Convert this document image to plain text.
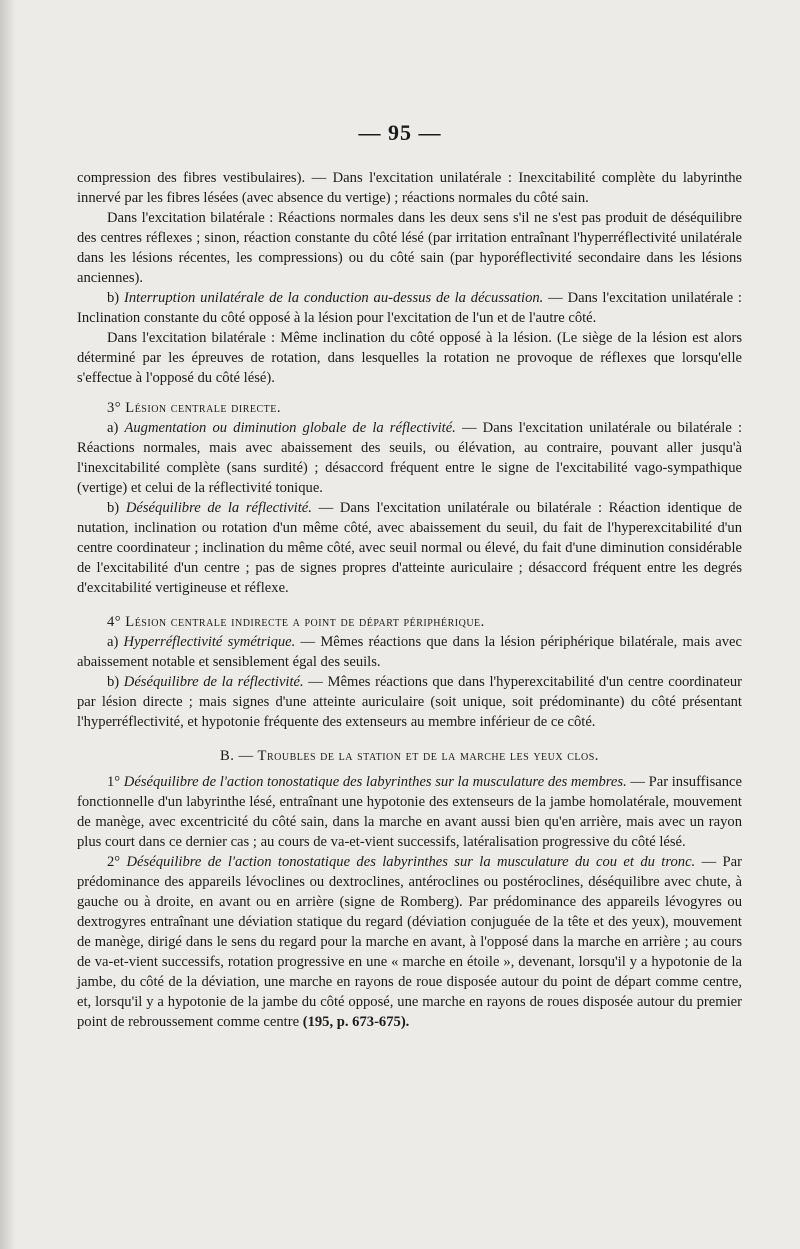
— 95 —

compression des fibres vestibulaires). — Dans l'excitation unilatérale : Inexcitabilité complète du labyrinthe innervé par les fibres lésées (avec absence du vertige) ; réactions normales du côté sain.

Dans l'excitation bilatérale : Réactions normales dans les deux sens s'il ne s'est pas produit de déséquilibre des centres réflexes ; sinon, réaction constante du côté lésé (par irritation entraînant l'hyperréflectivité unilatérale dans les lésions récentes, les compressions) ou du côté sain (par hyporéflectivité secondaire dans les lésions anciennes).

b) Interruption unilatérale de la conduction au-dessus de la décussation. — Dans l'excitation unilatérale : Inclination constante du côté opposé à la lésion pour l'excitation de l'un et de l'autre côté.

Dans l'excitation bilatérale : Même inclination du côté opposé à la lésion. (Le siège de la lésion est alors déterminé par les épreuves de rotation, dans lesquelles la rotation ne provoque de réflexes que lorsqu'elle s'effectue à l'opposé du côté lésé).

3° Lésion centrale directe.

a) Augmentation ou diminution globale de la réflectivité. — Dans l'excitation unilatérale ou bilatérale : Réactions normales, mais avec abaissement des seuils, ou élévation, au contraire, pouvant aller jusqu'à l'inexcitabilité complète (sans surdité) ; désaccord fréquent entre le signe de l'excitabilité vago-sympathique (vertige) et celui de la réflectivité tonique.

b) Déséquilibre de la réflectivité. — Dans l'excitation unilatérale ou bilatérale : Réaction identique de nutation, inclination ou rotation d'un même côté, avec abaissement du seuil, du fait de l'hyperexcitabilité d'un centre coordinateur ; inclination du même côté, avec seuil normal ou élevé, du fait d'une diminution considérable de l'excitabilité d'un centre ; pas de signes propres d'atteinte auriculaire ; désaccord fréquent entre les degrés d'excitabilité vertigineuse et réflexe.

4° Lésion centrale indirecte a point de départ périphérique.

a) Hyperréflectivité symétrique. — Mêmes réactions que dans la lésion périphérique bilatérale, mais avec abaissement notable et sensiblement égal des seuils.

b) Déséquilibre de la réflectivité. — Mêmes réactions que dans l'hyperexcitabilité d'un centre coordinateur par lésion directe ; mais signes d'une atteinte auriculaire (soit unique, soit prédominante) du côté présentant l'hyperréflectivité, et hypotonie fréquente des extenseurs au membre inférieur de ce côté.

B. — Troubles de la station et de la marche les yeux clos.

1° Déséquilibre de l'action tonostatique des labyrinthes sur la musculature des membres. — Par insuffisance fonctionnelle d'un labyrinthe lésé, entraînant une hypotonie des extenseurs de la jambe homolatérale, mouvement de manège, avec excentricité du côté sain, dans la marche en avant aussi bien qu'en arrière, mais avec un rayon plus court dans ce dernier cas ; au cours de va-et-vient successifs, latéralisation progressive du côté lésé.

2° Déséquilibre de l'action tonostatique des labyrinthes sur la musculature du cou et du tronc. — Par prédominance des appareils lévoclines ou dextroclines, antéroclines ou postéroclines, déséquilibre avec chute, à gauche ou à droite, en avant ou en arrière (signe de Romberg). Par prédominance des appareils lévogyres ou dextrogyres entraînant une déviation statique du regard (déviation conjuguée de la tête et des yeux), mouvement de manège, dirigé dans le sens du regard pour la marche en avant, à l'opposé dans la marche en arrière ; au cours de va-et-vient successifs, rotation progressive en une « marche en étoile », devenant, lorsqu'il y a hypotonie de la jambe, du côté de la déviation, une marche en rayons de roue disposée autour du point de départ comme centre, et, lorsqu'il y a hypotonie de la jambe du côté opposé, une marche en rayons de roues disposée autour du premier point de rebroussement comme centre (195, p. 673-675).
